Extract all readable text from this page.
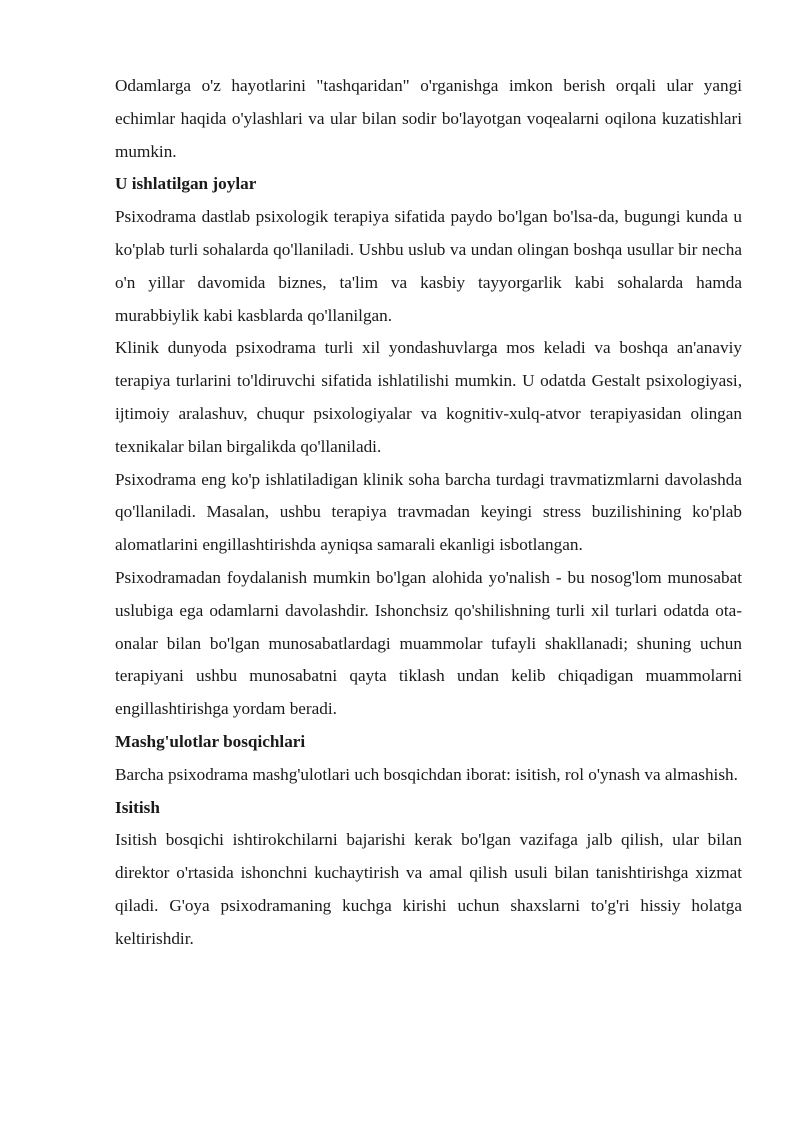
Odamlarga o'z hayotlarini "tashqaridan" o'rganishga imkon berish orqali ular yangi echimlar haqida o'ylashlari va ular bilan sodir bo'layotgan voqealarni oqilona kuzatishlari mumkin.

U ishlatilgan joylar

Psixodrama dastlab psixologik terapiya sifatida paydo bo'lgan bo'lsa-da, bugungi kunda u ko'plab turli sohalarda qo'llaniladi. Ushbu uslub va undan olingan boshqa usullar bir necha o'n yillar davomida biznes, ta'lim va kasbiy tayyorgarlik kabi sohalarda hamda murabbiylik kabi kasblarda qo'llanilgan.

Klinik dunyoda psixodrama turli xil yondashuvlarga mos keladi va boshqa an'anaviy terapiya turlarini to'ldiruvchi sifatida ishlatilishi mumkin. U odatda Gestalt psixologiyasi, ijtimoiy aralashuv, chuqur psixologiyalar va kognitiv-xulq-atvor terapiyasidan olingan texnikalar bilan birgalikda qo'llaniladi.

Psixodrama eng ko'p ishlatiladigan klinik soha barcha turdagi travmatizmlarni davolashda qo'llaniladi. Masalan, ushbu terapiya travmadan keyingi stress buzilishining ko'plab alomatlarini engillashtirishda ayniqsa samarali ekanligi isbotlangan.

Psixodramadan foydalanish mumkin bo'lgan alohida yo'nalish - bu nosog'lom munosabat uslubiga ega odamlarni davolashdir. Ishonchsiz qo'shilishning turli xil turlari odatda ota-onalar bilan bo'lgan munosabatlardagi muammolar tufayli shakllanadi; shuning uchun terapiyani ushbu munosabatni qayta tiklash undan kelib chiqadigan muammolarni engillashtirishga yordam beradi.

Mashg'ulotlar bosqichlari

Barcha psixodrama mashg'ulotlari uch bosqichdan iborat: isitish, rol o'ynash va almashish.

Isitish

Isitish bosqichi ishtirokchilarni bajarishi kerak bo'lgan vazifaga jalb qilish, ular bilan direktor o'rtasida ishonchni kuchaytirish va amal qilish usuli bilan tanishtirishga xizmat qiladi. G'oya psixodramaning kuchga kirishi uchun shaxslarni to'g'ri hissiy holatga keltirishdir.
